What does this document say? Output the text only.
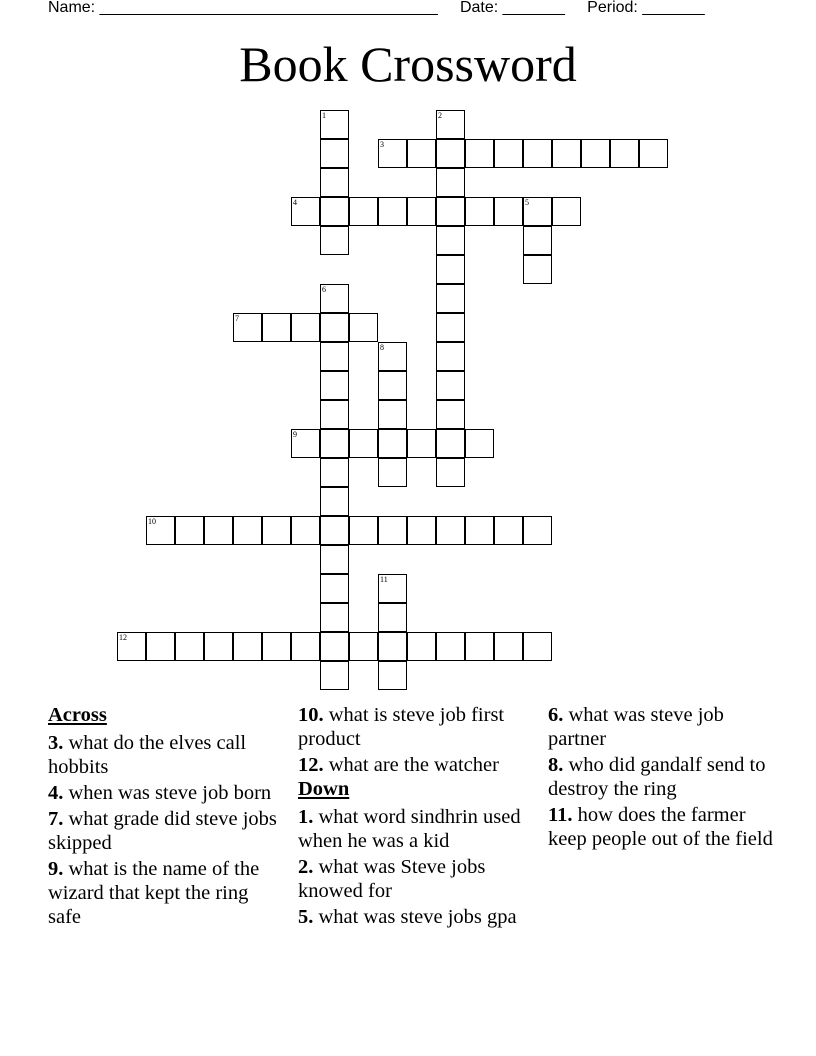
Name: ______________________________________ Date: _______ Period: _______
Book Crossword
1	2
3
4	5
6
7
8
9
10
11
12
Across
3. what do the elves call hobbits
4. when was steve job born
7. what grade did steve jobs skipped
9. what is the name of the wizard that kept the ring safe
10. what is steve job first product
12. what are the watcher
Down
1. what word sindhrin used when he was a kid
2. what was Steve jobs knowed for
5. what was steve jobs gpa
6. what was steve job partner
8. who did gandalf send to destroy the ring
11. how does the farmer keep people out of the field
